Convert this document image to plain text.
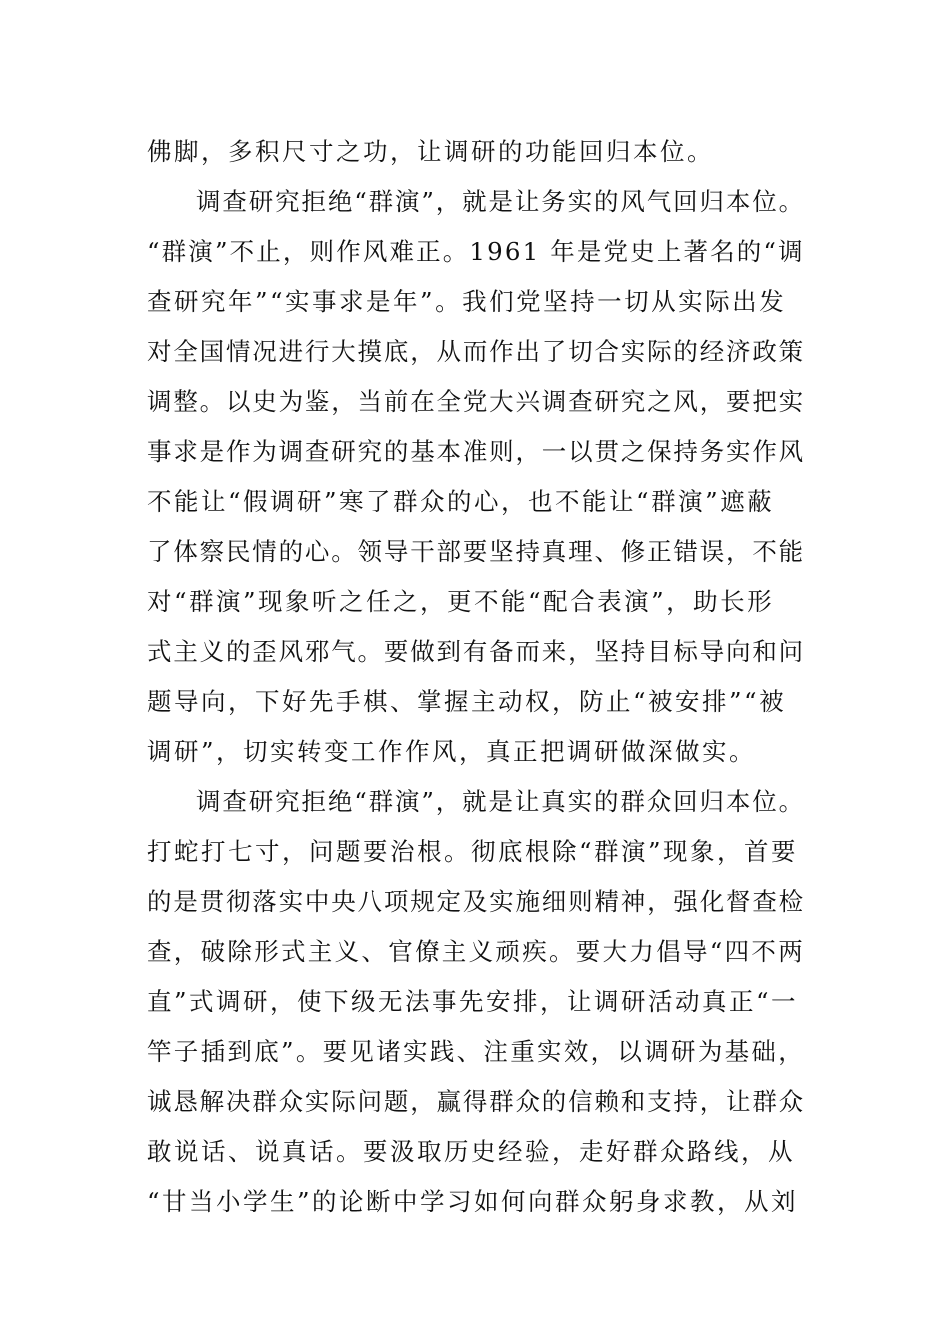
佛脚，多积尺寸之功，让调研的功能回归本位。
调查研究拒绝“群演”，就是让务实的风气回归本位。
“群演”不止，则作风难正。1961 年是党史上著名的“调
查研究年”“实事求是年”。我们党坚持一切从实际出发
对全国情况进行大摸底，从而作出了切合实际的经济政策
调整。以史为鉴，当前在全党大兴调查研究之风，要把实
事求是作为调查研究的基本准则，一以贯之保持务实作风
不能让“假调研”寒了群众的心，也不能让“群演”遮蔽
了体察民情的心。领导干部要坚持真理、修正错误，不能
对“群演”现象听之任之，更不能“配合表演”，助长形
式主义的歪风邪气。要做到有备而来，坚持目标导向和问
题导向，下好先手棋、掌握主动权，防止“被安排”“被
调研”，切实转变工作作风，真正把调研做深做实。
调查研究拒绝“群演”，就是让真实的群众回归本位。
打蛇打七寸，问题要治根。彻底根除“群演”现象，首要
的是贯彻落实中央八项规定及实施细则精神，强化督查检
查，破除形式主义、官僚主义顽疾。要大力倡导“四不两
直”式调研，使下级无法事先安排，让调研活动真正“一
竿子插到底”。要见诸实践、注重实效，以调研为基础，
诚恳解决群众实际问题，赢得群众的信赖和支持，让群众
敢说话、说真话。要汲取历史经验，走好群众路线，从
“甘当小学生”的论断中学习如何向群众躬身求教，从刘
